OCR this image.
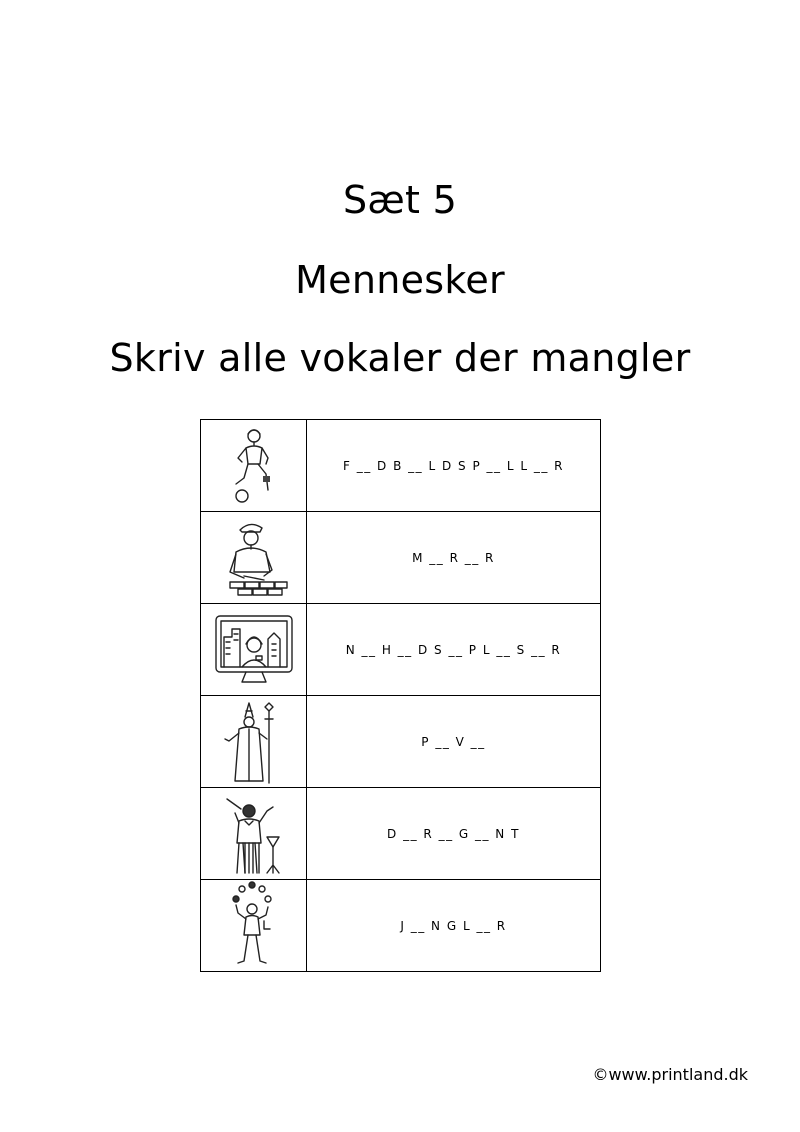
Sæt 5
Mennesker
Skriv alle vokaler der mangler
	F __ D B __ L D S P __ L L __ R

	M __ R __ R

	N __ H __ D S __ P L __ S __ R

	P __ V __

	D __ R __ G __ N T

	J __ N G L __ R
©www.printland.dk
